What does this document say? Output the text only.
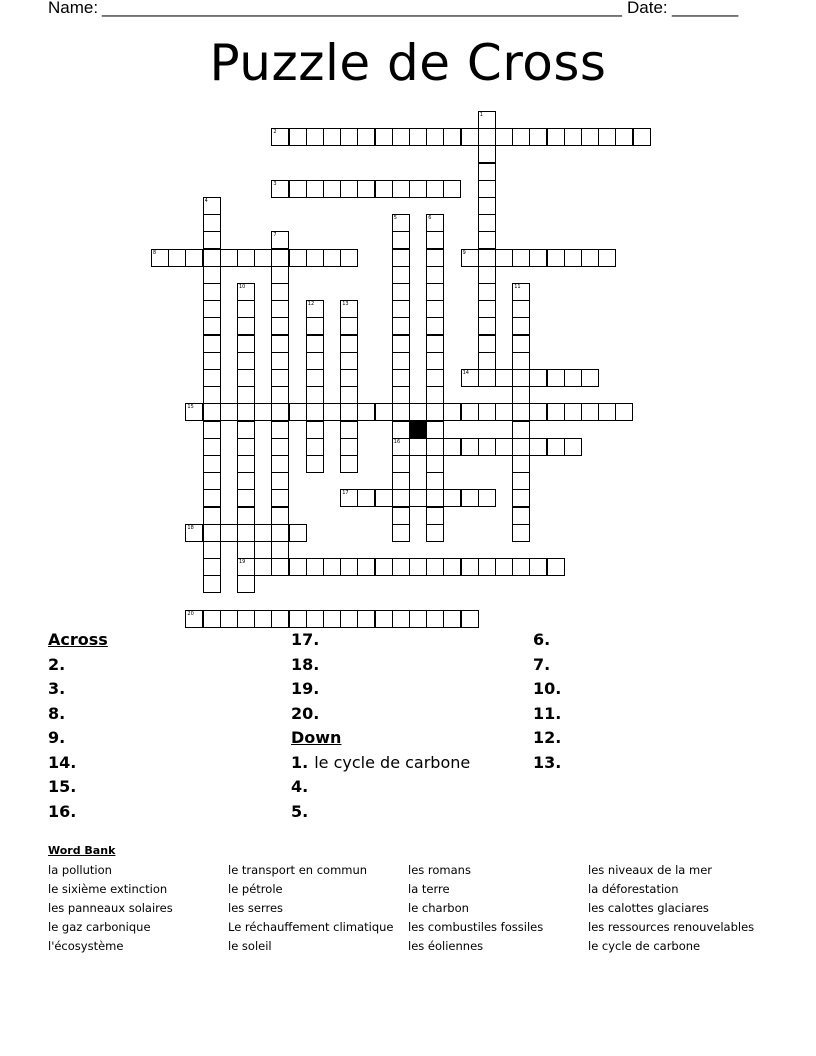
Name: _______________________________________________________ Date: _______
Puzzle de Cross
1
2
3
4
5
16
6
7
8	9
10
19
11
12	13
14
15
17
18
20
Across
2.
3.
8.
9.
14.
15.
16.
17.
18.
19.
20.
Down
1. le cycle de carbone
4.
5.
6.
7.
10.
11.
12.
13.
Word Bank
la pollution
le sixième extinction
les panneaux solaires
le gaz carbonique
l'écosystème
le transport en commun
le pétrole
les serres
Le réchauffement climatique
le soleil
les romans
la terre
le charbon
les combustiles fossiles
les éoliennes
les niveaux de la mer
la déforestation
les calottes glaciares
les ressources renouvelables
le cycle de carbone
